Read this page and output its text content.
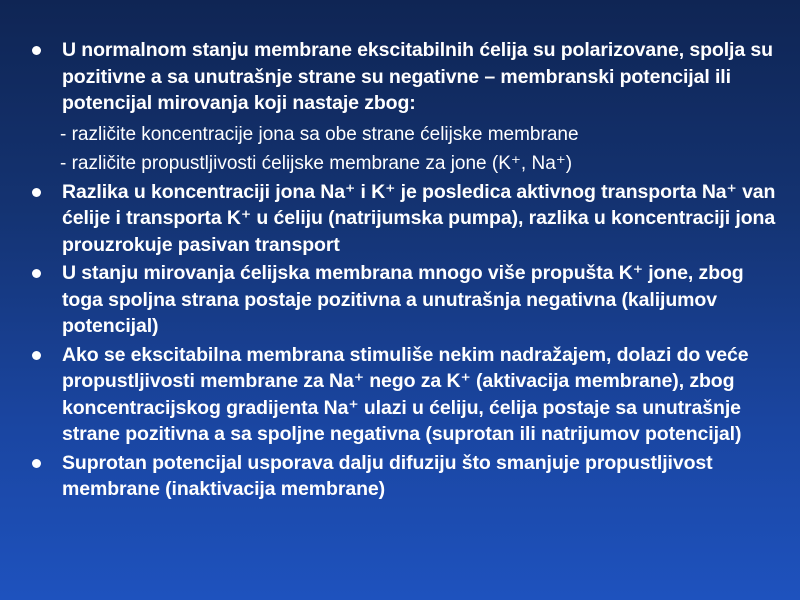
U normalnom stanju membrane ekscitabilnih ćelija su polarizovane, spolja su pozitivne a sa unutrašnje strane su negativne – membranski potencijal ili potencijal mirovanja koji nastaje zbog:
- različite koncentracije jona sa obe strane ćelijske membrane
- različite propustljivosti ćelijske membrane za jone (K⁺, Na⁺)
Razlika u koncentraciji jona Na⁺ i K⁺ je posledica aktivnog transporta Na⁺ van ćelije i transporta K⁺ u ćeliju (natrijumska pumpa), razlika u koncentraciji jona prouzrokuje pasivan transport
U stanju mirovanja ćelijska membrana mnogo više propušta K⁺ jone, zbog toga spoljna strana postaje pozitivna a unutrašnja negativna (kalijumov potencijal)
Ako se ekscitabilna membrana stimuliše nekim nadražajem, dolazi do veće propustljivosti membrane za Na⁺ nego za K⁺ (aktivacija membrane), zbog koncentracijskog gradijenta Na⁺ ulazi u ćeliju, ćelija postaje sa unutrašnje strane pozitivna a sa spoljne negativna (suprotan ili natrijumov potencijal)
Suprotan potencijal usporava dalju difuziju što smanjuje propustljivost membrane (inaktivacija membrane)
